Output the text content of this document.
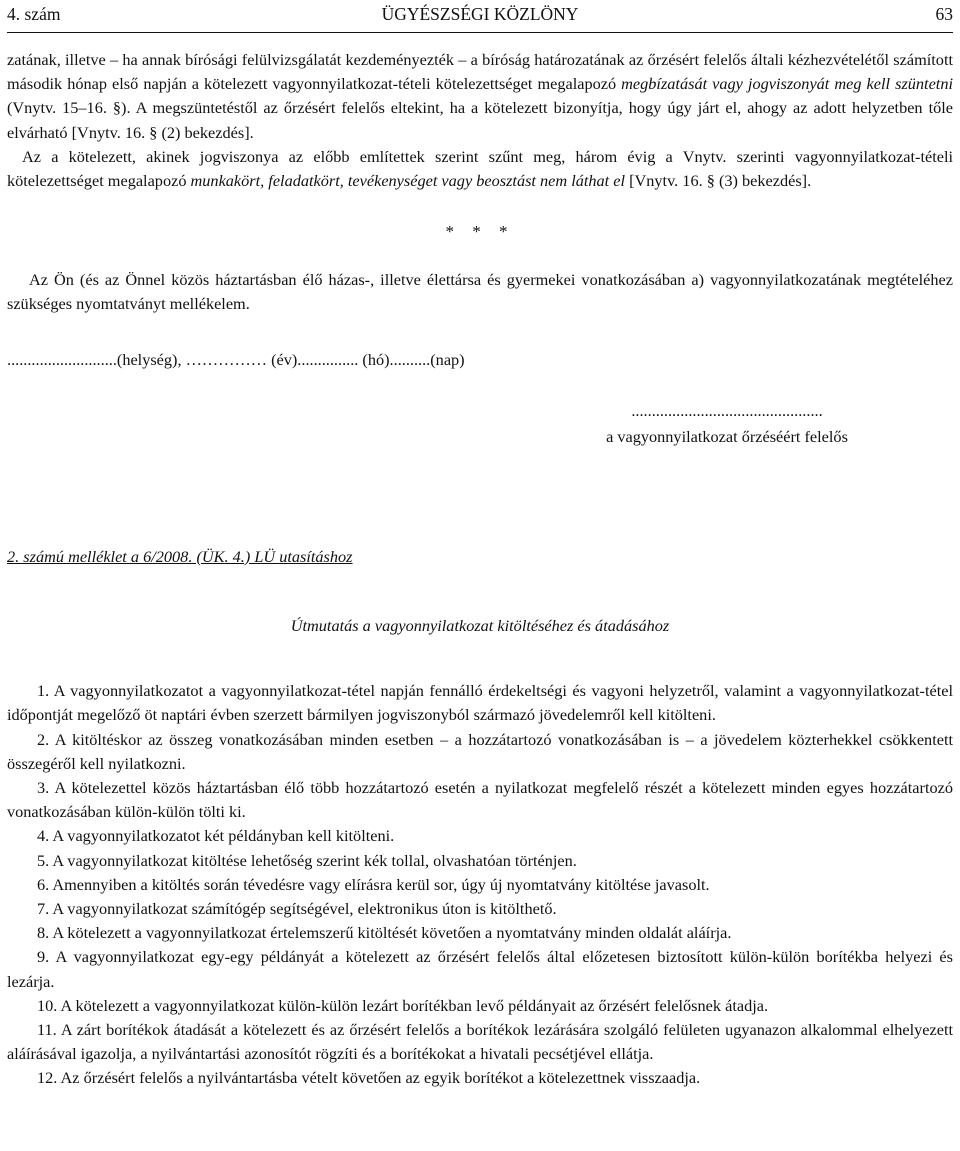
4. szám	ÜGYÉSZSÉGI KÖZLÖNY	63

zatának, illetve – ha annak bírósági felülvizsgálatát kezdeményezték – a bíróság határozatának az őrzésért felelős általi kézhezvételétől számított második hónap első napján a kötelezett vagyonnyilatkozat-tételi kötelezettséget megalapozó megbízatását vagy jogviszonyát meg kell szüntetni (Vnytv. 15–16. §). A megszüntetéstől az őrzésért felelős eltekint, ha a kötelezett bizonyítja, hogy úgy járt el, ahogy az adott helyzetben tőle elvárható [Vnytv. 16. § (2) bekezdés].

Az a kötelezett, akinek jogviszonya az előbb említettek szerint szűnt meg, három évig a Vnytv. szerinti vagyonnyilatkozat-tételi kötelezettséget megalapozó munkakört, feladatkört, tevékenységet vagy beosztást nem láthat el [Vnytv. 16. § (3) bekezdés].

* * *

Az Ön (és az Önnel közös háztartásban élő házas-, illetve élettársa és gyermekei vonatkozásában a) vagyonnyilatkozatának megtételéhez szükséges nyomtatványt mellékelem.

...........................(helység), …………… (év)............... (hó)..........(nap)

...............................................
a vagyonnyilatkozat őrzéséért felelős

2. számú melléklet a 6/2008. (ÜK. 4.) LÜ utasításhoz

Útmutatás a vagyonnyilatkozat kitöltéséhez és átadásához

1. A vagyonnyilatkozatot a vagyonnyilatkozat-tétel napján fennálló érdekeltségi és vagyoni helyzetről, valamint a vagyonnyilatkozat-tétel időpontját megelőző öt naptári évben szerzett bármilyen jogviszonyból származó jövedelemről kell kitölteni.

2. A kitöltéskor az összeg vonatkozásában minden esetben – a hozzátartozó vonatkozásában is – a jövedelem közterhekkel csökkentett összegéről kell nyilatkozni.

3. A kötelezettel közös háztartásban élő több hozzátartozó esetén a nyilatkozat megfelelő részét a kötelezett minden egyes hozzátartozó vonatkozásában külön-külön tölti ki.

4. A vagyonnyilatkozatot két példányban kell kitölteni.

5. A vagyonnyilatkozat kitöltése lehetőség szerint kék tollal, olvashatóan történjen.

6. Amennyiben a kitöltés során tévedésre vagy elírásra kerül sor, úgy új nyomtatvány kitöltése javasolt.

7. A vagyonnyilatkozat számítógép segítségével, elektronikus úton is kitölthető.

8. A kötelezett a vagyonnyilatkozat értelemszerű kitöltését követően a nyomtatvány minden oldalát aláírja.

9. A vagyonnyilatkozat egy-egy példányát a kötelezett az őrzésért felelős által előzetesen biztosított külön-külön borítékba helyezi és lezárja.

10. A kötelezett a vagyonnyilatkozat külön-külön lezárt borítékban levő példányait az őrzésért felelősnek átadja.

11. A zárt borítékok átadását a kötelezett és az őrzésért felelős a borítékok lezárására szolgáló felületen ugyanazon alkalommal elhelyezett aláírásával igazolja, a nyilvántartási azonosítót rögzíti és a borítékokat a hivatali pecsétjével ellátja.

12. Az őrzésért felelős a nyilvántartásba vételt követően az egyik borítékot a kötelezettnek visszaadja.
